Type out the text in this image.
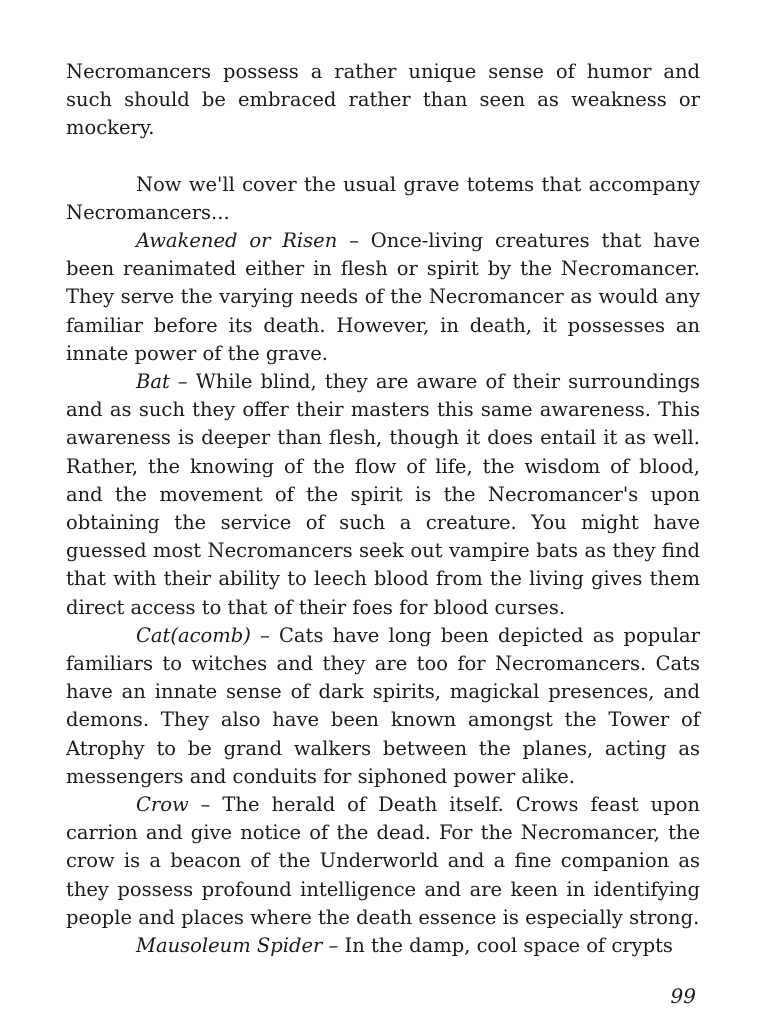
Necromancers possess a rather unique sense of humor and such should be embraced rather than seen as weakness or mockery.

Now we'll cover the usual grave totems that accompany Necromancers...

Awakened or Risen – Once-living creatures that have been reanimated either in flesh or spirit by the Necromancer. They serve the varying needs of the Necromancer as would any familiar before its death. However, in death, it possesses an innate power of the grave.

Bat – While blind, they are aware of their surroundings and as such they offer their masters this same awareness. This awareness is deeper than flesh, though it does entail it as well. Rather, the knowing of the flow of life, the wisdom of blood, and the movement of the spirit is the Necromancer's upon obtaining the service of such a creature. You might have guessed most Necromancers seek out vampire bats as they find that with their ability to leech blood from the living gives them direct access to that of their foes for blood curses.

Cat(acomb) – Cats have long been depicted as popular familiars to witches and they are too for Necromancers. Cats have an innate sense of dark spirits, magickal presences, and demons. They also have been known amongst the Tower of Atrophy to be grand walkers between the planes, acting as messengers and conduits for siphoned power alike.

Crow – The herald of Death itself. Crows feast upon carrion and give notice of the dead. For the Necromancer, the crow is a beacon of the Underworld and a fine companion as they possess profound intelligence and are keen in identifying people and places where the death essence is especially strong.

Mausoleum Spider – In the damp, cool space of crypts

99
